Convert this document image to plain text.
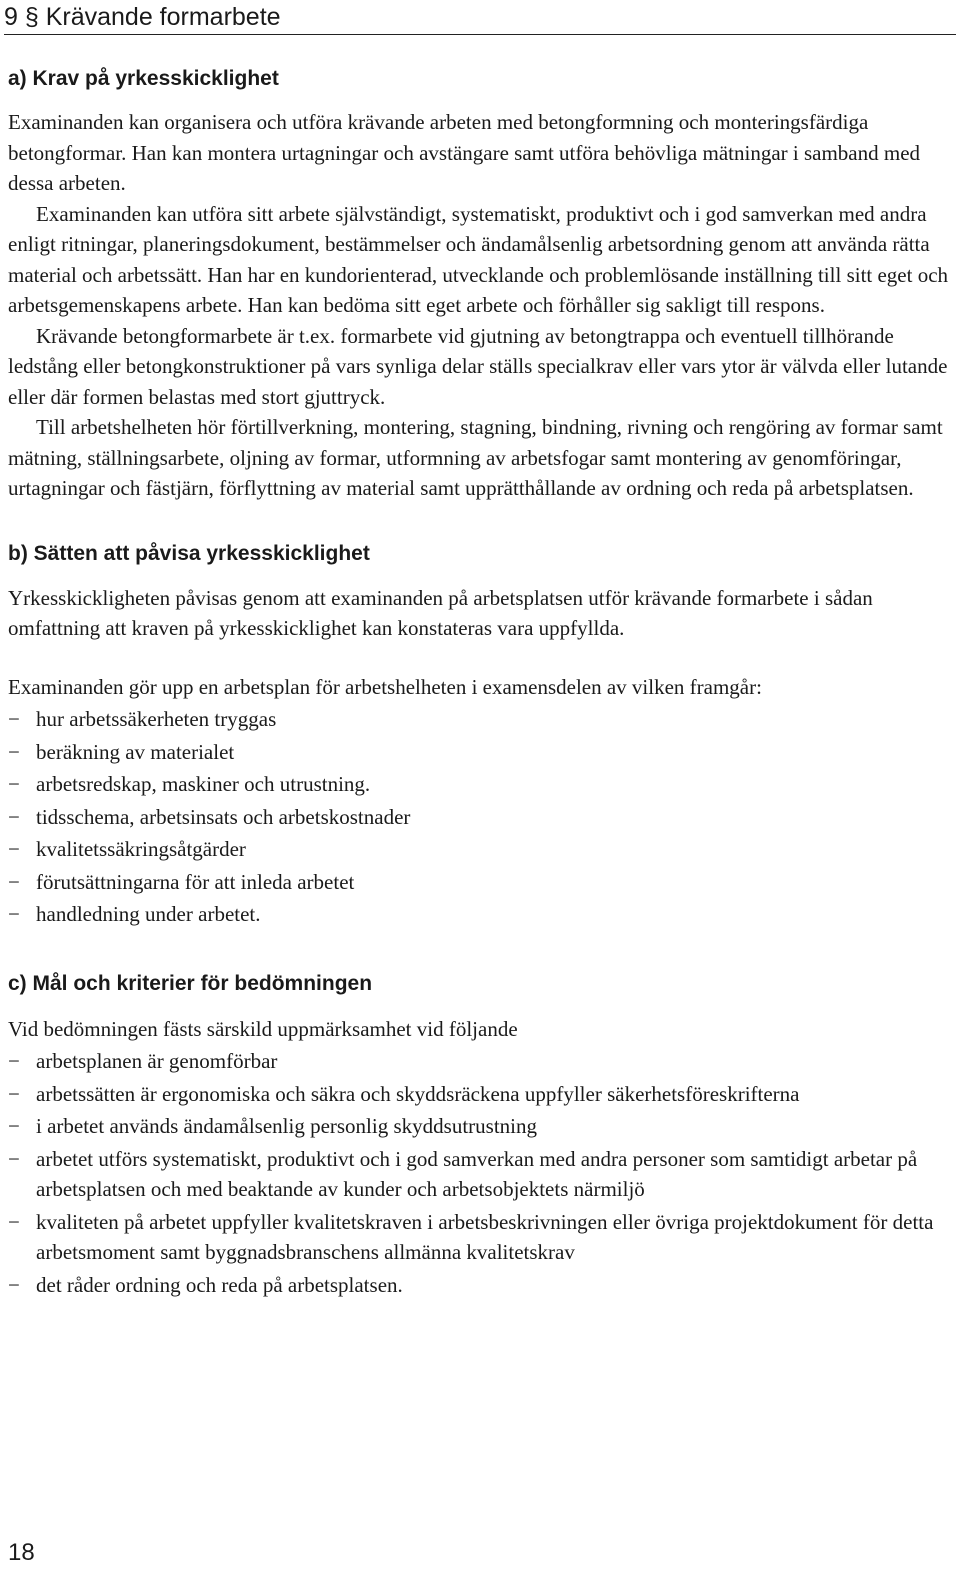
9 § Krävande formarbete
a) Krav på yrkesskicklighet

Examinanden kan organisera och utföra krävande arbeten med betongformning och monteringsfärdiga betongformar. Han kan montera urtagningar och avstängare samt utföra behövliga mätningar i samband med dessa arbeten.

Examinanden kan utföra sitt arbete självständigt, systematiskt, produktivt och i god samverkan med andra enligt ritningar, planeringsdokument, bestämmelser och ändamålsenlig arbetsordning genom att använda rätta material och arbetssätt. Han har en kundorienterad, utvecklande och problemlösande inställning till sitt eget och arbetsgemenskapens arbete. Han kan bedöma sitt eget arbete och förhåller sig sakligt till respons.

Krävande betongformarbete är t.ex. formarbete vid gjutning av betongtrappa och eventuell tillhörande ledstång eller betongkonstruktioner på vars synliga delar ställs specialkrav eller vars ytor är välvda eller lutande eller där formen belastas med stort gjuttryck.

Till arbetshelheten hör förtillverkning, montering, stagning, bindning, rivning och rengöring av formar samt mätning, ställningsarbete, oljning av formar, utformning av arbetsfogar samt montering av genomföringar, urtagningar och fästjärn, förflyttning av material samt upprätthållande av ordning och reda på arbetsplatsen.

b) Sätten att påvisa yrkesskicklighet

Yrkesskickligheten påvisas genom att examinanden på arbetsplatsen utför krävande formarbete i sådan omfattning att kraven på yrkesskicklighet kan konstateras vara uppfyllda.

Examinanden gör upp en arbetsplan för arbetshelheten i examensdelen av vilken framgår:

− hur arbetssäkerheten tryggas
− beräkning av materialet
− arbetsredskap, maskiner och utrustning.
− tidsschema, arbetsinsats och arbetskostnader
− kvalitetssäkringsåtgärder
− förutsättningarna för att inleda arbetet
− handledning under arbetet.
c) Mål och kriterier för bedömningen

Vid bedömningen fästs särskild uppmärksamhet vid följande

− arbetsplanen är genomförbar
− arbetssätten är ergonomiska och säkra och skyddsräckena uppfyller säkerhetsföreskrifterna
− i arbetet används ändamålsenlig personlig skyddsutrustning
− arbetet utförs systematiskt, produktivt och i god samverkan med andra personer som samtidigt arbetar på arbetsplatsen och med beaktande av kunder och arbetsobjektets närmiljö
− kvaliteten på arbetet uppfyller kvalitetskraven i arbetsbeskrivningen eller övriga projektdokument för detta arbetsmoment samt byggnadsbranschens allmänna kvalitetskrav
− det råder ordning och reda på arbetsplatsen.
18
